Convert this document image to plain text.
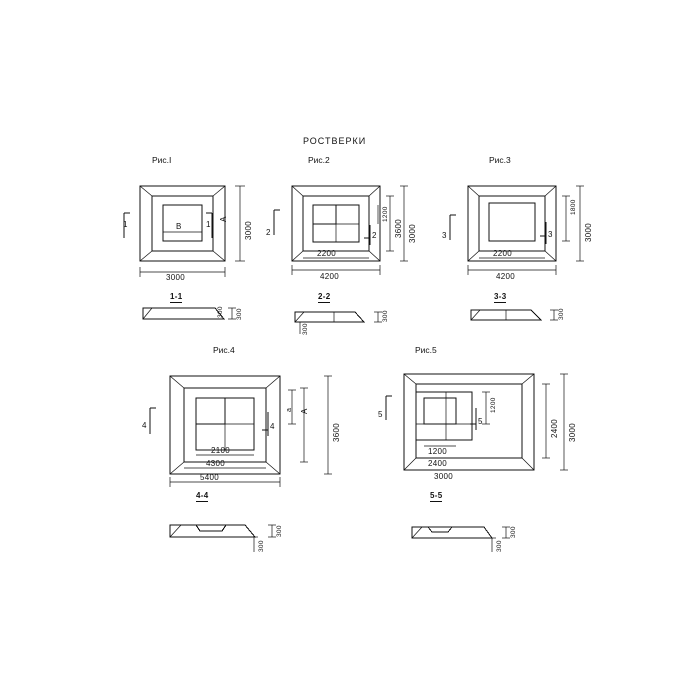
РОСТВЕРКИ
Рис.I
1	1
В
А
3000
3000
1-1
300 300
Рис.2
2	2
1200
3600 3000
2200
4200
2-2
300
300
Рис.3
3	3
1800
3000
2200
4200
3-3
300
Рис.4
4	4
а А
3600
2100
4300
5400
4-4
300
300
Рис.5
5
5
1200
2400 3000
1200
2400
3000
5-5
300
300
